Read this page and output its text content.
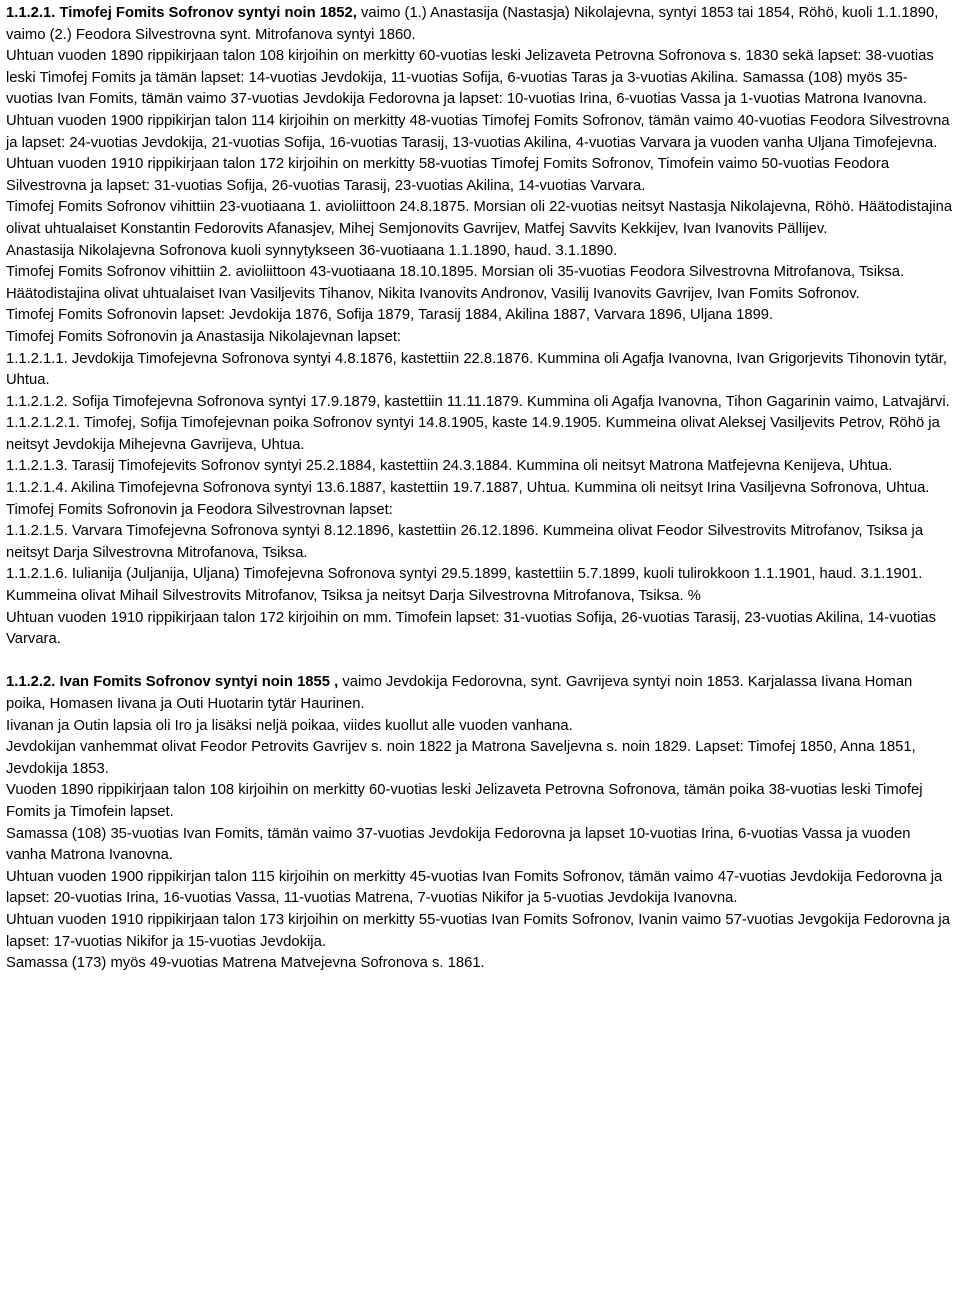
1.1.2.1. Timofej Fomits Sofronov syntyi noin 1852, vaimo (1.) Anastasija (Nastasja) Nikolajevna, syntyi 1853 tai 1854, Röhö, kuoli 1.1.1890, vaimo (2.) Feodora Silvestrovna synt. Mitrofanova syntyi 1860.

Uhtuan vuoden 1890 rippikirjaan talon 108 kirjoihin on merkitty 60-vuotias leski Jelizaveta Petrovna Sofronova s. 1830 sekä lapset: 38-vuotias leski Timofej Fomits ja tämän lapset: 14-vuotias Jevdokija, 11-vuotias Sofija, 6-vuotias Taras ja 3-vuotias Akilina. Samassa (108) myös 35-vuotias Ivan Fomits, tämän vaimo 37-vuotias Jevdokija Fedorovna ja lapset: 10-vuotias Irina, 6-vuotias Vassa ja 1-vuotias Matrona Ivanovna.

Uhtuan vuoden 1900 rippikirjan talon 114 kirjoihin on merkitty 48-vuotias Timofej Fomits Sofronov, tämän vaimo 40-vuotias Feodora Silvestrovna ja lapset: 24-vuotias Jevdokija, 21-vuotias Sofija, 16-vuotias Tarasij, 13-vuotias Akilina, 4-vuotias Varvara ja vuoden vanha Uljana Timofejevna.

Uhtuan vuoden 1910 rippikirjaan talon 172 kirjoihin on merkitty 58-vuotias Timofej Fomits Sofronov, Timofein vaimo 50-vuotias Feodora Silvestrovna ja lapset: 31-vuotias Sofija, 26-vuotias Tarasij, 23-vuotias Akilina, 14-vuotias Varvara.

Timofej Fomits Sofronov vihittiin 23-vuotiaana 1. avioliittoon 24.8.1875. Morsian oli 22-vuotias neitsyt Nastasja Nikolajevna, Röhö. Häätodistajina olivat uhtualaiset Konstantin Fedorovits Afanasjev, Mihej Semjonovits Gavrijev, Matfej Savvits Kekkijev, Ivan Ivanovits Pällijev.

Anastasija Nikolajevna Sofronova kuoli synnytykseen 36-vuotiaana 1.1.1890, haud. 3.1.1890.

Timofej Fomits Sofronov vihittiin 2. avioliittoon 43-vuotiaana 18.10.1895. Morsian oli 35-vuotias Feodora Silvestrovna Mitrofanova, Tsiksa. Häätodistajina olivat uhtualaiset Ivan Vasiljevits Tihanov, Nikita Ivanovits Andronov, Vasilij Ivanovits Gavrijev, Ivan Fomits Sofronov.

Timofej Fomits Sofronovin lapset: Jevdokija 1876, Sofija 1879, Tarasij 1884, Akilina 1887, Varvara 1896, Uljana 1899.

Timofej Fomits Sofronovin ja Anastasija Nikolajevnan lapset:

1.1.2.1.1. Jevdokija Timofejevna Sofronova syntyi 4.8.1876, kastettiin 22.8.1876. Kummina oli Agafja Ivanovna, Ivan Grigorjevits Tihonovin tytär, Uhtua.

1.1.2.1.2. Sofija Timofejevna Sofronova syntyi 17.9.1879, kastettiin 11.11.1879. Kummina oli Agafja Ivanovna, Tihon Gagarinin vaimo, Latvajärvi.

1.1.2.1.2.1. Timofej, Sofija Timofejevnan poika Sofronov syntyi 14.8.1905, kaste 14.9.1905. Kummeina olivat Aleksej Vasiljevits Petrov, Röhö ja neitsyt Jevdokija Mihejevna Gavrijeva, Uhtua.

1.1.2.1.3. Tarasij Timofejevits Sofronov syntyi 25.2.1884, kastettiin 24.3.1884. Kummina oli neitsyt Matrona Matfejevna Kenijeva, Uhtua.

1.1.2.1.4. Akilina Timofejevna Sofronova syntyi 13.6.1887, kastettiin 19.7.1887, Uhtua. Kummina oli neitsyt Irina Vasiljevna Sofronova, Uhtua.

Timofej Fomits Sofronovin ja Feodora Silvestrovnan lapset:

1.1.2.1.5. Varvara Timofejevna Sofronova syntyi 8.12.1896, kastettiin 26.12.1896. Kummeina olivat Feodor Silvestrovits Mitrofanov, Tsiksa ja neitsyt Darja Silvestrovna Mitrofanova, Tsiksa.

1.1.2.1.6. Iulianija (Juljanija, Uljana) Timofejevna Sofronova syntyi 29.5.1899, kastettiin 5.7.1899, kuoli tulirokkoon 1.1.1901, haud. 3.1.1901. Kummeina olivat Mihail Silvestrovits Mitrofanov, Tsiksa ja neitsyt Darja Silvestrovna Mitrofanova, Tsiksa. %

Uhtuan vuoden 1910 rippikirjaan talon 172 kirjoihin on mm. Timofein lapset: 31-vuotias Sofija, 26-vuotias Tarasij, 23-vuotias Akilina, 14-vuotias Varvara.

1.1.2.2. Ivan Fomits Sofronov syntyi noin 1855 , vaimo Jevdokija Fedorovna, synt. Gavrijeva syntyi noin 1853. Karjalassa Iivana Homan poika, Homasen Iivana ja Outi Huotarin tytär Haurinen.

Iivanan ja Outin lapsia oli Iro ja lisäksi neljä poikaa, viides kuollut alle vuoden vanhana.

Jevdokijan vanhemmat olivat Feodor Petrovits Gavrijev s. noin 1822 ja Matrona Saveljevna s. noin 1829. Lapset: Timofej 1850, Anna 1851, Jevdokija 1853.

Vuoden 1890 rippikirjaan talon 108 kirjoihin on merkitty 60-vuotias leski Jelizaveta Petrovna Sofronova, tämän poika 38-vuotias leski Timofej Fomits ja Timofein lapset.

Samassa (108) 35-vuotias Ivan Fomits, tämän vaimo 37-vuotias Jevdokija Fedorovna ja lapset 10-vuotias Irina, 6-vuotias Vassa ja vuoden vanha Matrona Ivanovna.

Uhtuan vuoden 1900 rippikirjan talon 115 kirjoihin on merkitty 45-vuotias Ivan Fomits Sofronov, tämän vaimo 47-vuotias Jevdokija Fedorovna ja lapset: 20-vuotias Irina, 16-vuotias Vassa, 11-vuotias Matrena, 7-vuotias Nikifor ja 5-vuotias Jevdokija Ivanovna.

Uhtuan vuoden 1910 rippikirjaan talon 173 kirjoihin on merkitty 55-vuotias Ivan Fomits Sofronov, Ivanin vaimo 57-vuotias Jevgokija Fedorovna ja lapset: 17-vuotias Nikifor ja 15-vuotias Jevdokija.

Samassa (173) myös 49-vuotias Matrena Matvejevna Sofronova s. 1861.
